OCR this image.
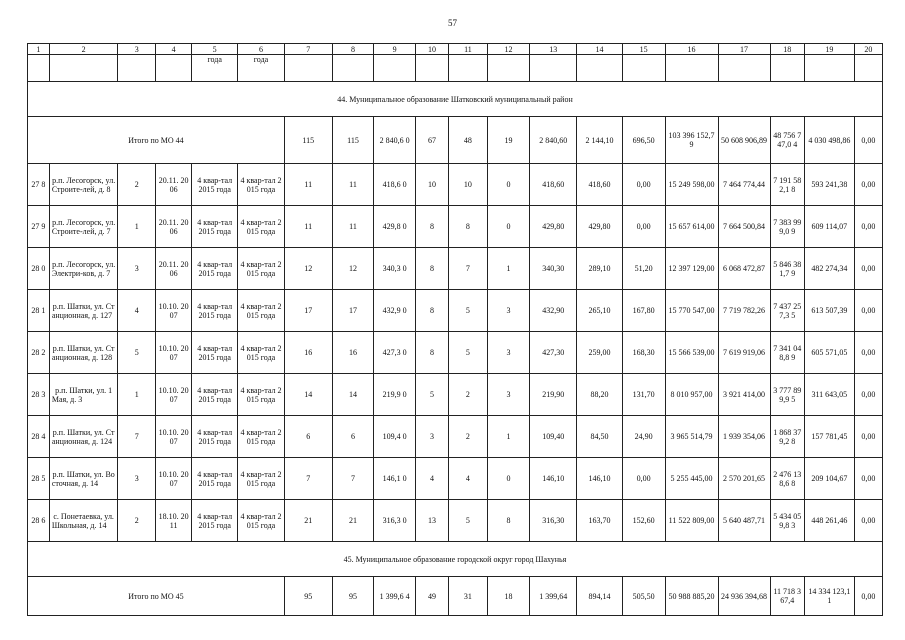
57
1	2	3	4	5	6	7	8	9	10	11	12	13	14	15	16	17	18	19	20
				года	года														
44. Муниципальное образование Шатковский муниципальный район																			
Итого по МО 44						115	115	2 840,6 0	67	48	19	2 840,60	2 144,10	696,50	103 396 152,79	50 608 906,89	48 756 747,0 4	4 030 498,86	0,00
27 8	р.п. Лесогорск, ул. Строите-лей, д. 8	2	20.11. 2006	4 квар-тал 2015 года	4 квар-тал 2015 года	11	11	418,6 0	10	10	0	418,60	418,60	0,00	15 249 598,00	7 464 774,44	7 191 582,1 8	593 241,38	0,00
27 9	р.п. Лесогорск, ул. Строите-лей, д. 7	1	20.11. 2006	4 квар-тал 2015 года	4 квар-тал 2015 года	11	11	429,8 0	8	8	0	429,80	429,80	0,00	15 657 614,00	7 664 500,84	7 383 999,0 9	609 114,07	0,00
28 0	р.п. Лесогорск, ул. Электри-ков, д. 7	3	20.11. 2006	4 квар-тал 2015 года	4 квар-тал 2015 года	12	12	340,3 0	8	7	1	340,30	289,10	51,20	12 397 129,00	6 068 472,87	5 846 381,7 9	482 274,34	0,00
28 1	р.п. Шатки, ул. Станционная, д. 127	4	10.10. 2007	4 квар-тал 2015 года	4 квар-тал 2015 года	17	17	432,9 0	8	5	3	432,90	265,10	167,80	15 770 547,00	7 719 782,26	7 437 257,3 5	613 507,39	0,00
28 2	р.п. Шатки, ул. Станционная, д. 128	5	10.10. 2007	4 квар-тал 2015 года	4 квар-тал 2015 года	16	16	427,3 0	8	5	3	427,30	259,00	168,30	15 566 539,00	7 619 919,06	7 341 048,8 9	605 571,05	0,00
28 3	р.п. Шатки, ул. 1 Мая, д. 3	1	10.10. 2007	4 квар-тал 2015 года	4 квар-тал 2015 года	14	14	219,9 0	5	2	3	219,90	88,20	131,70	8 010 957,00	3 921 414,00	3 777 899,9 5	311 643,05	0,00
28 4	р.п. Шатки, ул. Станционная, д. 124	7	10.10. 2007	4 квар-тал 2015 года	4 квар-тал 2015 года	6	6	109,4 0	3	2	1	109,40	84,50	24,90	3 965 514,79	1 939 354,06	1 868 379,2 8	157 781,45	0,00
28 5	р.п. Шатки, ул. Восточная, д. 14	3	10.10. 2007	4 квар-тал 2015 года	4 квар-тал 2015 года	7	7	146,1 0	4	4	0	146,10	146,10	0,00	5 255 445,00	2 570 201,65	2 476 138,6 8	209 104,67	0,00
28 6	с. Понетаевка, ул. Школьная, д. 14	2	18.10. 2011	4 квар-тал 2015 года	4 квар-тал 2015 года	21	21	316,3 0	13	5	8	316,30	163,70	152,60	11 522 809,00	5 640 487,71	5 434 059,8 3	448 261,46	0,00
45. Муниципальное образование городской округ город Шахунья																			
Итого по МО 45						95	95	1 399,6 4	49	31	18	1 399,64	894,14	505,50	50 988 885,20	24 936 394,68	11 718 367,4	14 334 123,11	0,00
